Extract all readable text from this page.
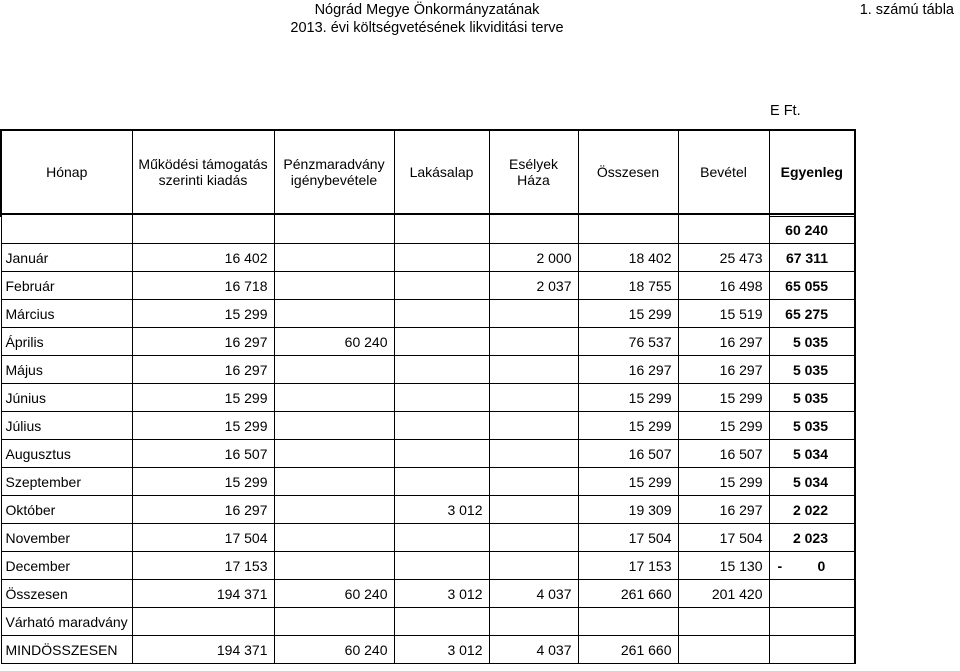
Nógrád Megye Önkormányzatának
2013. évi költségvetésének likviditási terve
1. számú tábla
E Ft.
Hónap	Működési támogatás szerinti kiadás	Pénzmaradvány igénybevétele	Lakásalap	Esélyek Háza	Összesen	Bevétel	Egyenleg

							60 240
Január	16 402			2 000	18 402	25 473	67 311
Február	16 718			2 037	18 755	16 498	65 055
Március	15 299				15 299	15 519	65 275
Április	16 297	60 240			76 537	16 297	5 035
Május	16 297				16 297	16 297	5 035
Június	15 299				15 299	15 299	5 035
Július	15 299				15 299	15 299	5 035
Augusztus	16 507				16 507	16 507	5 034
Szeptember	15 299				15 299	15 299	5 034
Október	16 297		3 012		19 309	16 297	2 022
November	17 504				17 504	17 504	2 023
December	17 153				17 153	15 130	- 0
Összesen	194 371	60 240	3 012	4 037	261 660	201 420	
Várható maradvány							
MINDÖSSZESEN	194 371	60 240	3 012	4 037	261 660		
